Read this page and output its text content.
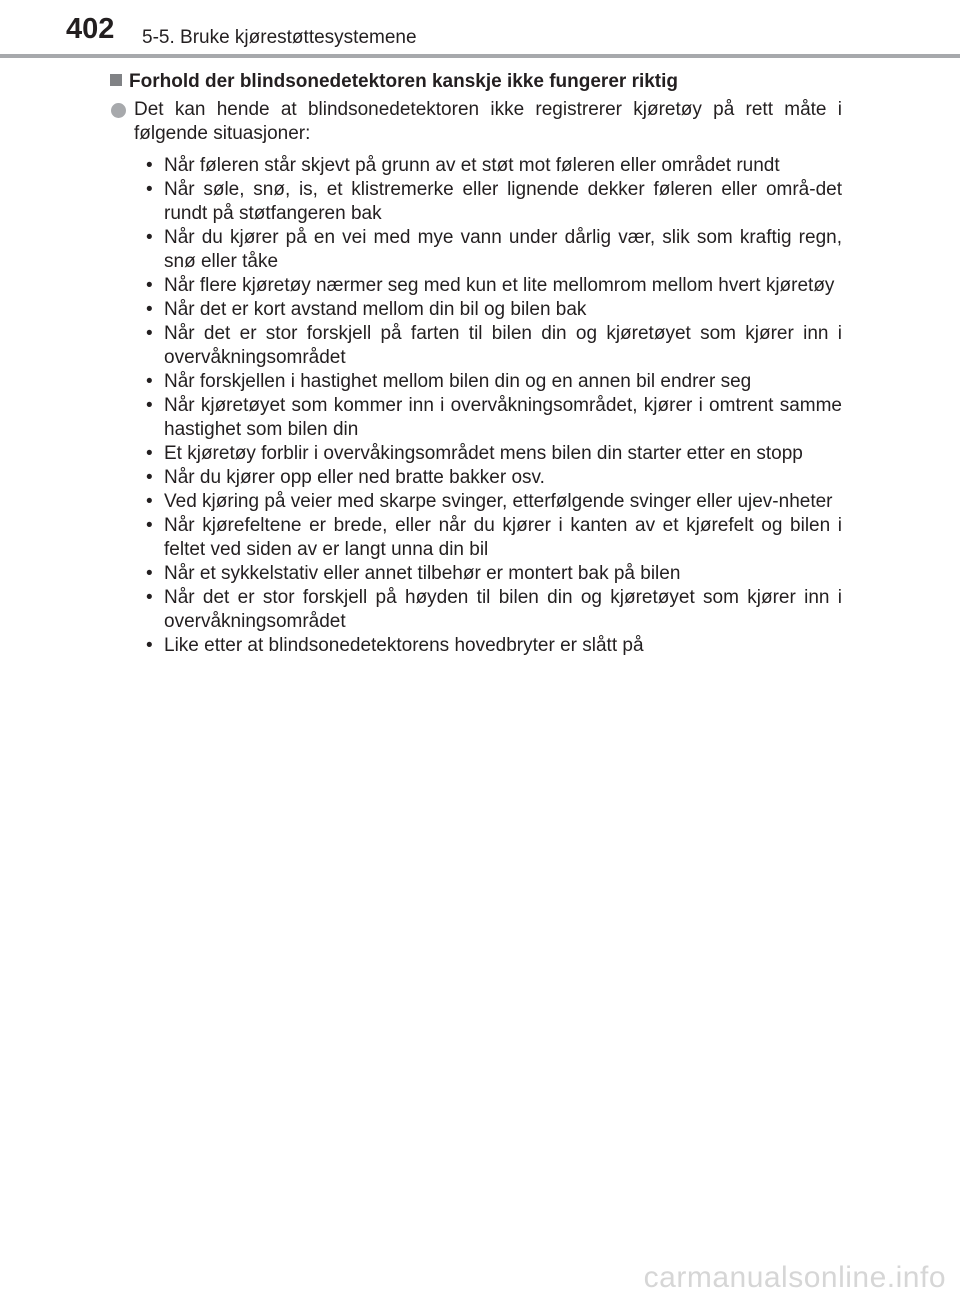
402 5-5. Bruke kjørestøttesystemene
Forhold der blindsonedetektoren kanskje ikke fungerer riktig
Det kan hende at blindsonedetektoren ikke registrerer kjøretøy på rett måte i følgende situasjoner:
• Når føleren står skjevt på grunn av et støt mot føleren eller området rundt
• Når søle, snø, is, et klistremerke eller lignende dekker føleren eller områ-det rundt på støtfangeren bak
• Når du kjører på en vei med mye vann under dårlig vær, slik som kraftig regn, snø eller tåke
• Når flere kjøretøy nærmer seg med kun et lite mellomrom mellom hvert kjøretøy
• Når det er kort avstand mellom din bil og bilen bak
• Når det er stor forskjell på farten til bilen din og kjøretøyet som kjører inn i overvåkningsområdet
• Når forskjellen i hastighet mellom bilen din og en annen bil endrer seg
• Når kjøretøyet som kommer inn i overvåkningsområdet, kjører i omtrent samme hastighet som bilen din
• Et kjøretøy forblir i overvåkingsområdet mens bilen din starter etter en stopp
• Når du kjører opp eller ned bratte bakker osv.
• Ved kjøring på veier med skarpe svinger, etterfølgende svinger eller ujev-nheter
• Når kjørefeltene er brede, eller når du kjører i kanten av et kjørefelt og bilen i feltet ved siden av er langt unna din bil
• Når et sykkelstativ eller annet tilbehør er montert bak på bilen
• Når det er stor forskjell på høyden til bilen din og kjøretøyet som kjører inn i overvåkningsområdet
• Like etter at blindsonedetektorens hovedbryter er slått på
carmanualsonline.info
